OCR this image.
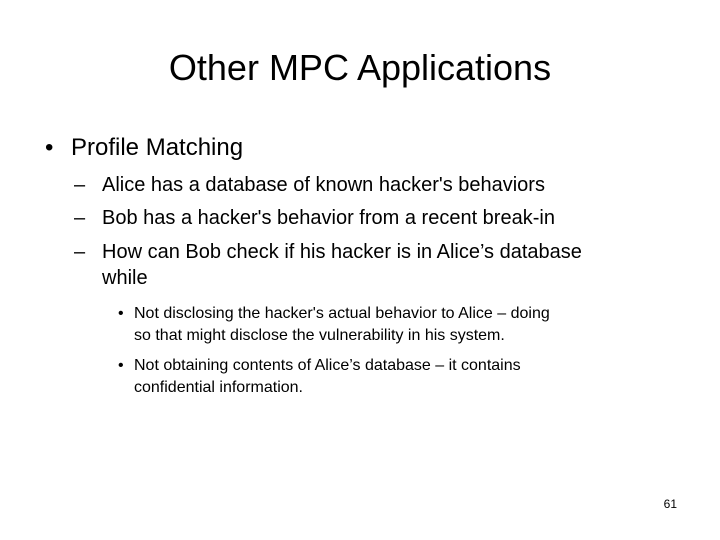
Other MPC Applications
• Profile Matching
– Alice has a database of known hacker's behaviors
– Bob has a hacker's behavior from a recent break-in
– How can Bob check if his hacker is in Alice’s database
while
• Not disclosing the hacker's actual behavior to Alice – doing
so that might disclose the vulnerability in his system.
• Not obtaining contents of Alice’s database – it contains
confidential information.
61
